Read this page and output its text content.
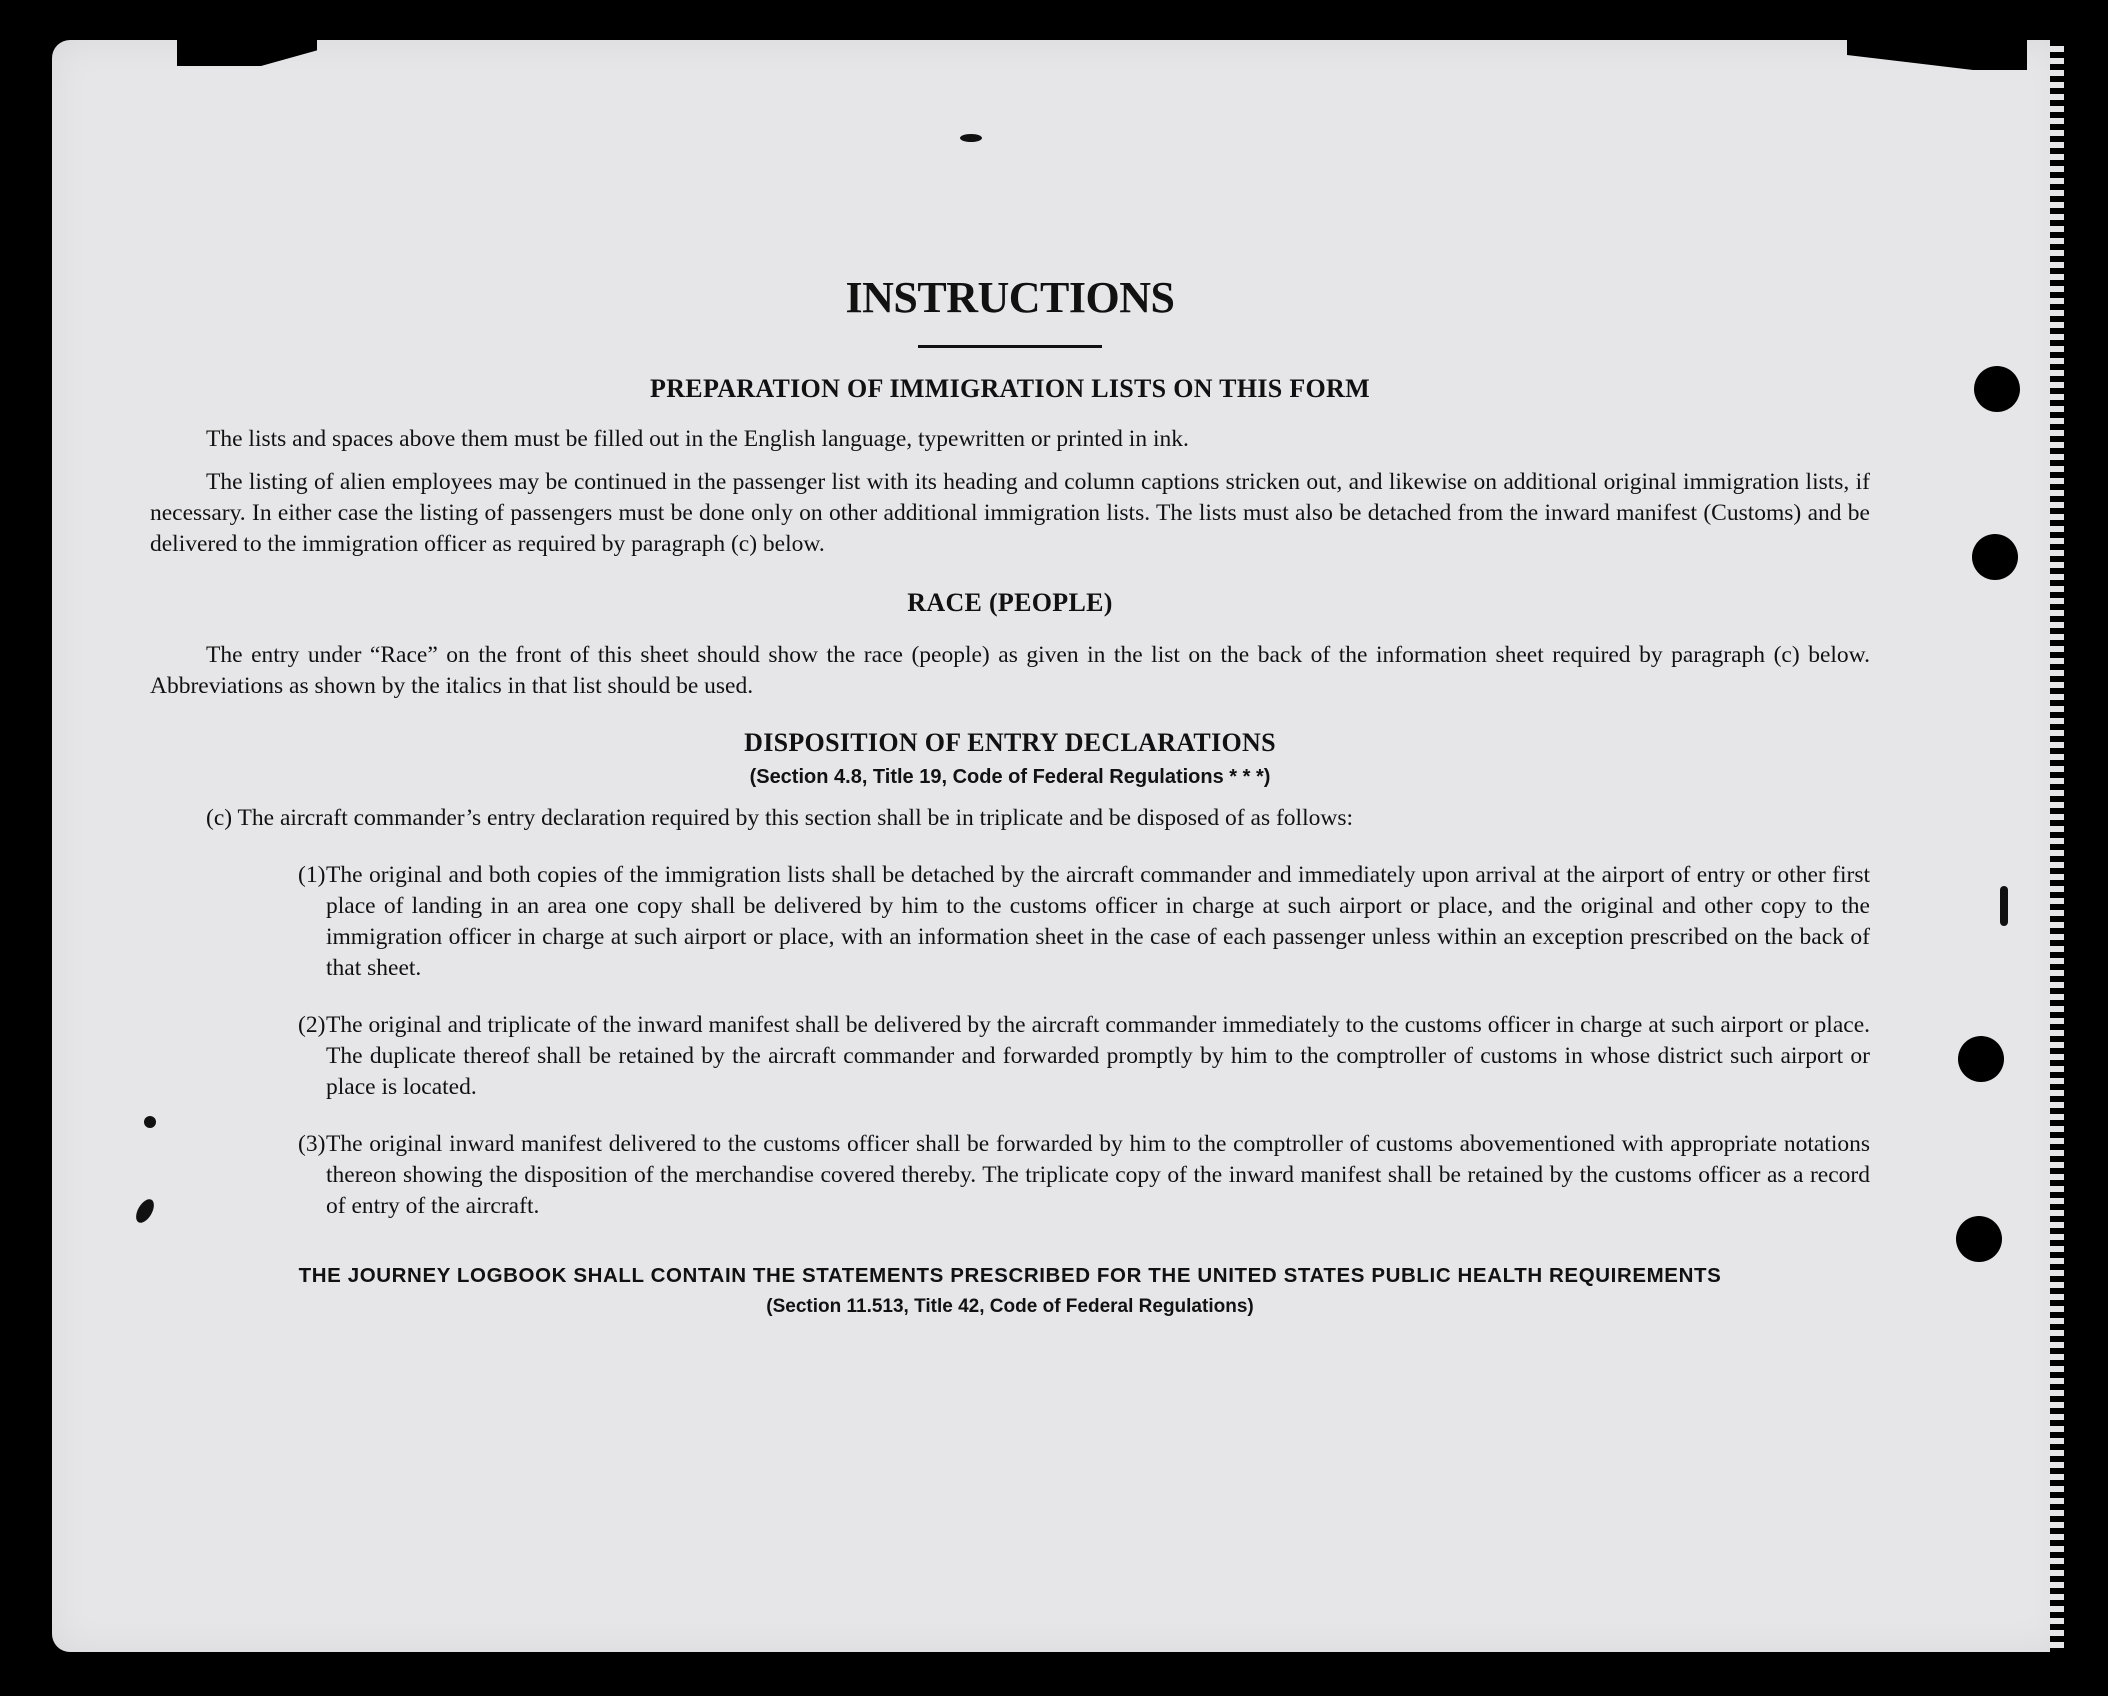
INSTRUCTIONS
PREPARATION OF IMMIGRATION LISTS ON THIS FORM

The lists and spaces above them must be filled out in the English language, typewritten or printed in ink.

The listing of alien employees may be continued in the passenger list with its heading and column captions stricken out, and likewise on additional original immigration lists, if necessary. In either case the listing of passengers must be done only on other additional immigration lists. The lists must also be detached from the inward manifest (Customs) and be delivered to the immigration officer as required by paragraph (c) below.

RACE (PEOPLE)

The entry under “Race” on the front of this sheet should show the race (people) as given in the list on the back of the information sheet required by paragraph (c) below. Abbreviations as shown by the italics in that list should be used.

DISPOSITION OF ENTRY DECLARATIONS
(Section 4.8, Title 19, Code of Federal Regulations * * *)
(c) The aircraft commander’s entry declaration required by this section shall be in triplicate and be disposed of as follows:
(1) The original and both copies of the immigration lists shall be detached by the aircraft commander and immediately upon arrival at the airport of entry or other first place of landing in an area one copy shall be delivered by him to the customs officer in charge at such airport or place, and the original and other copy to the immigration officer in charge at such airport or place, with an information sheet in the case of each passenger unless within an exception prescribed on the back of that sheet.
(2) The original and triplicate of the inward manifest shall be delivered by the aircraft commander immediately to the customs officer in charge at such airport or place. The duplicate thereof shall be retained by the aircraft commander and forwarded promptly by him to the comptroller of customs in whose district such airport or place is located.
(3) The original inward manifest delivered to the customs officer shall be forwarded by him to the comptroller of customs abovementioned with appropriate notations thereon showing the disposition of the merchandise covered thereby. The triplicate copy of the inward manifest shall be retained by the customs officer as a record of entry of the aircraft.
THE JOURNEY LOGBOOK SHALL CONTAIN THE STATEMENTS PRESCRIBED FOR THE UNITED STATES PUBLIC HEALTH REQUIREMENTS
(Section 11.513, Title 42, Code of Federal Regulations)
